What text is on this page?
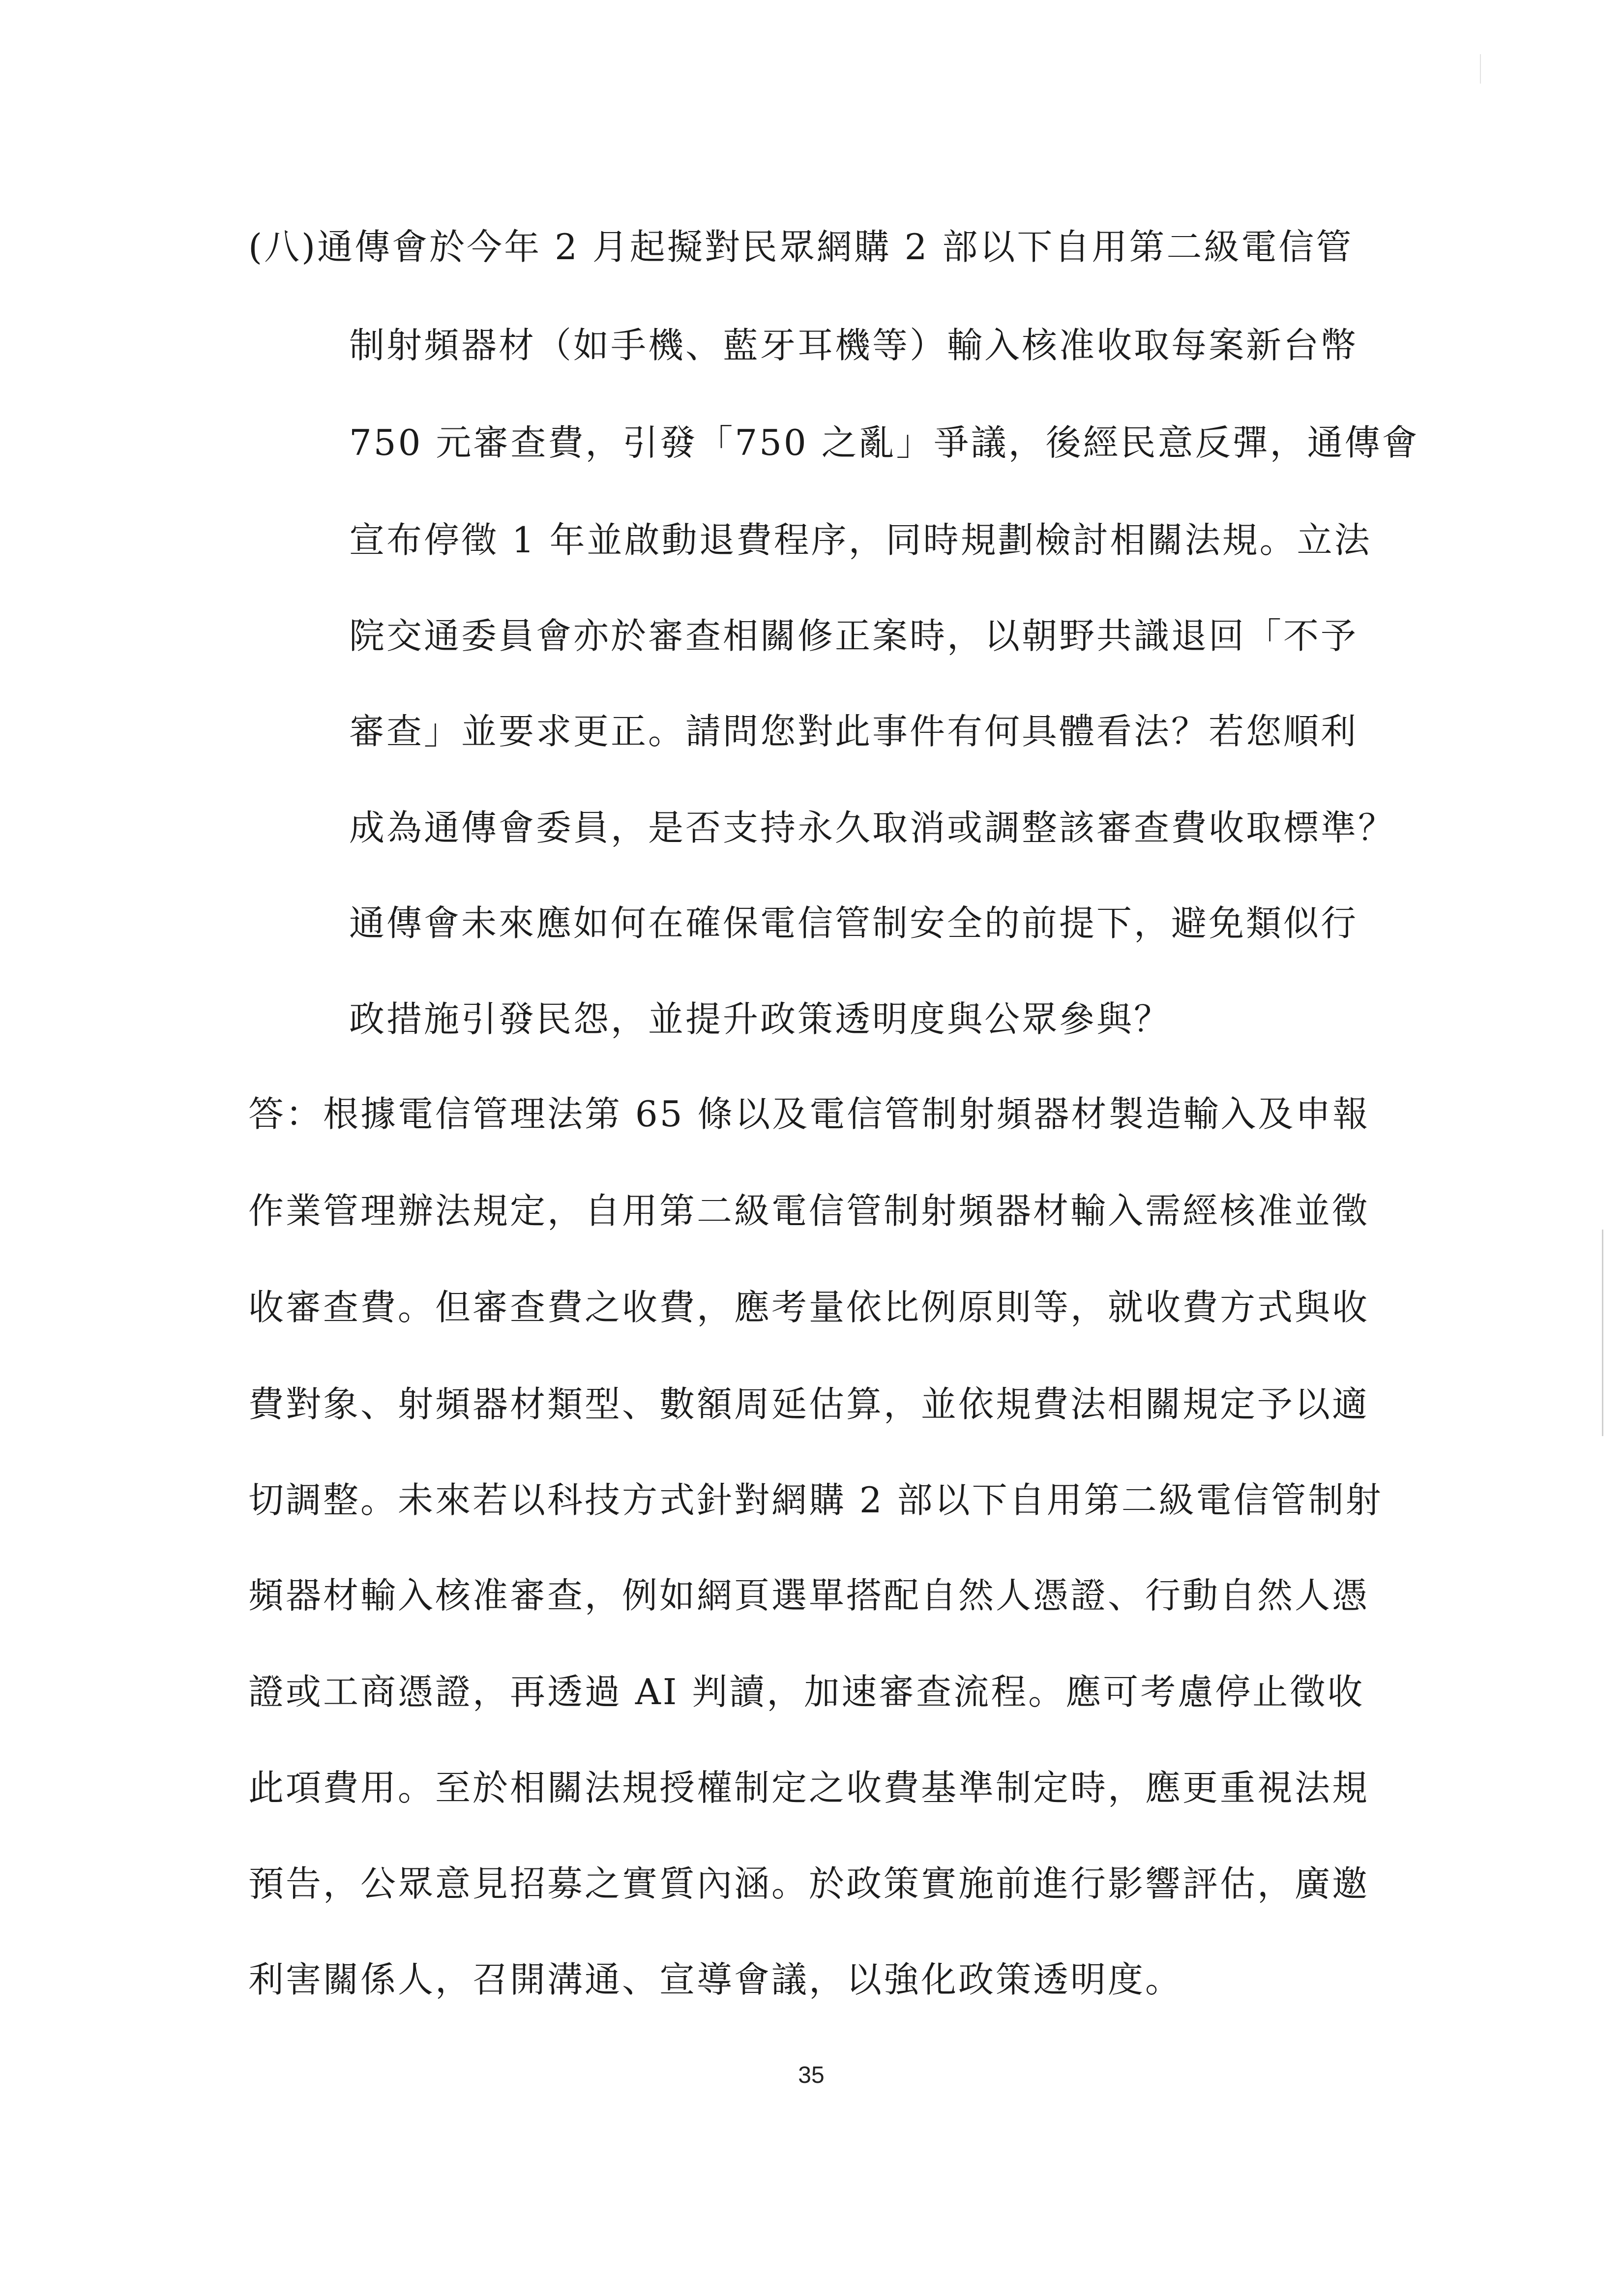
(八)通傳會於今年 2 月起擬對民眾網購 2 部以下自用第二級電信管
制射頻器材（如手機、藍牙耳機等）輸入核准收取每案新台幣
750 元審查費，引發「750 之亂」爭議，後經民意反彈，通傳會
宣布停徵 1 年並啟動退費程序，同時規劃檢討相關法規。立法
院交通委員會亦於審查相關修正案時，以朝野共識退回「不予
審查」並要求更正。請問您對此事件有何具體看法？若您順利
成為通傳會委員，是否支持永久取消或調整該審查費收取標準？
通傳會未來應如何在確保電信管制安全的前提下，避免類似行
政措施引發民怨，並提升政策透明度與公眾參與？
答：根據電信管理法第 65 條以及電信管制射頻器材製造輸入及申報
作業管理辦法規定，自用第二級電信管制射頻器材輸入需經核准並徵
收審查費。但審查費之收費，應考量依比例原則等，就收費方式與收
費對象、射頻器材類型、數額周延估算，並依規費法相關規定予以適
切調整。未來若以科技方式針對網購 2 部以下自用第二級電信管制射
頻器材輸入核准審查，例如網頁選單搭配自然人憑證、行動自然人憑
證或工商憑證，再透過 AI 判讀，加速審查流程。應可考慮停止徵收
此項費用。至於相關法規授權制定之收費基準制定時，應更重視法規
預告，公眾意見招募之實質內涵。於政策實施前進行影響評估，廣邀
利害關係人，召開溝通、宣導會議，以強化政策透明度。
35
